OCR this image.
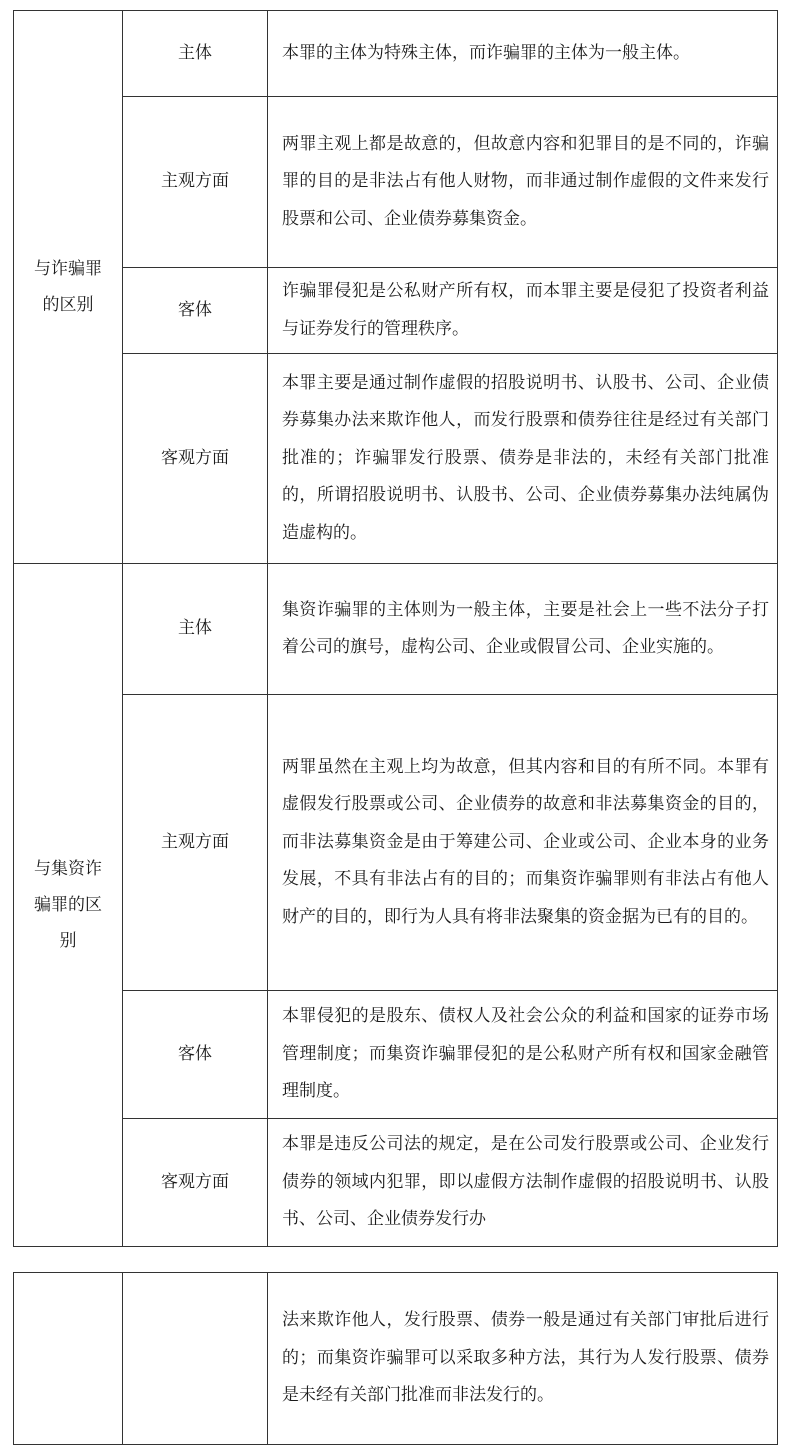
与诈骗罪
的区别	主体	本罪的主体为特殊主体，而诈骗罪的主体为一般主体。
	主观方面	两罪主观上都是故意的，但故意内容和犯罪目的是不同的，诈骗罪的目的是非法占有他人财物，而非通过制作虚假的文件来发行股票和公司、企业债券募集资金。
	客体	诈骗罪侵犯是公私财产所有权，而本罪主要是侵犯了投资者利益与证券发行的管理秩序。
	客观方面	本罪主要是通过制作虚假的招股说明书、认股书、公司、企业债券募集办法来欺诈他人，而发行股票和债券往往是经过有关部门批准的；诈骗罪发行股票、债券是非法的，未经有关部门批准的，所谓招股说明书、认股书、公司、企业债券募集办法纯属伪造虚构的。

与集资诈
骗罪的区
别	主体	集资诈骗罪的主体则为一般主体，主要是社会上一些不法分子打着公司的旗号，虚构公司、企业或假冒公司、企业实施的。
	主观方面	两罪虽然在主观上均为故意，但其内容和目的有所不同。本罪有虚假发行股票或公司、企业债券的故意和非法募集资金的目的，而非法募集资金是由于筹建公司、企业或公司、企业本身的业务发展，不具有非法占有的目的；而集资诈骗罪则有非法占有他人财产的目的，即行为人具有将非法聚集的资金据为已有的目的。
	客体	本罪侵犯的是股东、债权人及社会公众的利益和国家的证券市场管理制度；而集资诈骗罪侵犯的是公私财产所有权和国家金融管理制度。
	客观方面	本罪是违反公司法的规定，是在公司发行股票或公司、企业发行债券的领域内犯罪，即以虚假方法制作虚假的招股说明书、认股书、公司、企业债券发行办
		法来欺诈他人，发行股票、债券一般是通过有关部门审批后进行的；而集资诈骗罪可以采取多种方法，其行为人发行股票、债券是未经有关部门批准而非法发行的。
